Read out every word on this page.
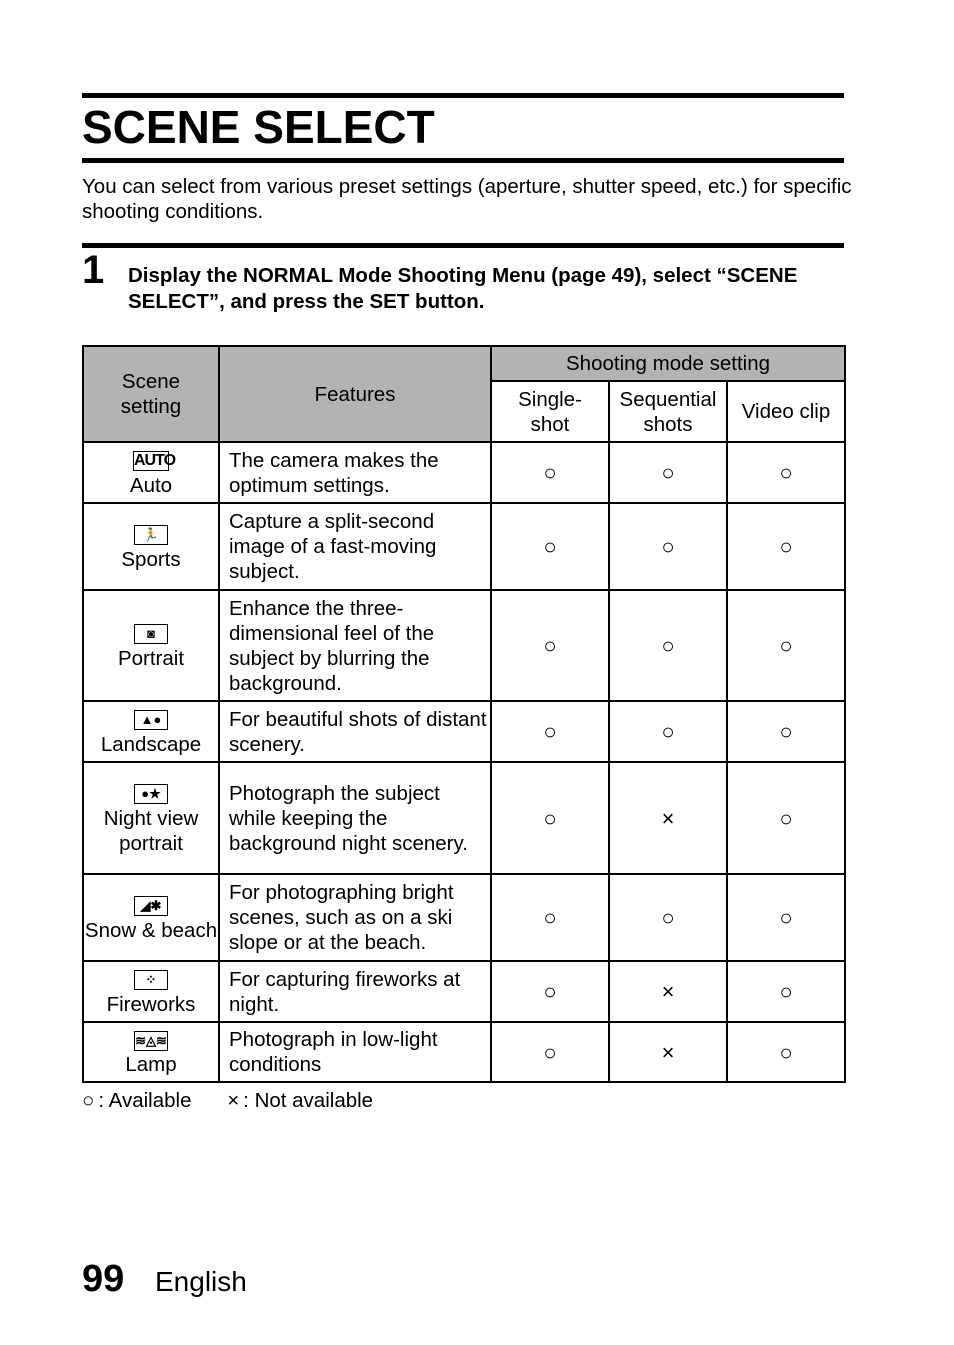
SCENE SELECT
You can select from various preset settings (aperture, shutter speed, etc.) for specific shooting conditions.
1 Display the NORMAL Mode Shooting Menu (page 49), select “SCENE SELECT”, and press the SET button.
Scene setting	Features	Shooting mode setting		
		Single-shot	Sequential shots	Video clip
AUTO
Auto	The camera makes the optimum settings.	○	○	○
🏃
Sports	Capture a split-second image of a fast-moving subject.	○	○	○
◙
Portrait	Enhance the three-dimensional feel of the subject by blurring the background.	○	○	○
▲●
Landscape	For beautiful shots of distant scenery.	○	○	○
●★
Night view portrait	Photograph the subject while keeping the background night scenery.	○	×	○
◢✱
Snow & beach	For photographing bright scenes, such as on a ski slope or at the beach.	○	○	○
⁘
Fireworks	For capturing fireworks at night.	○	×	○
≋◬≋
Lamp	Photograph in low-light conditions	○	×	○
○ : Available × : Not available
99 English
